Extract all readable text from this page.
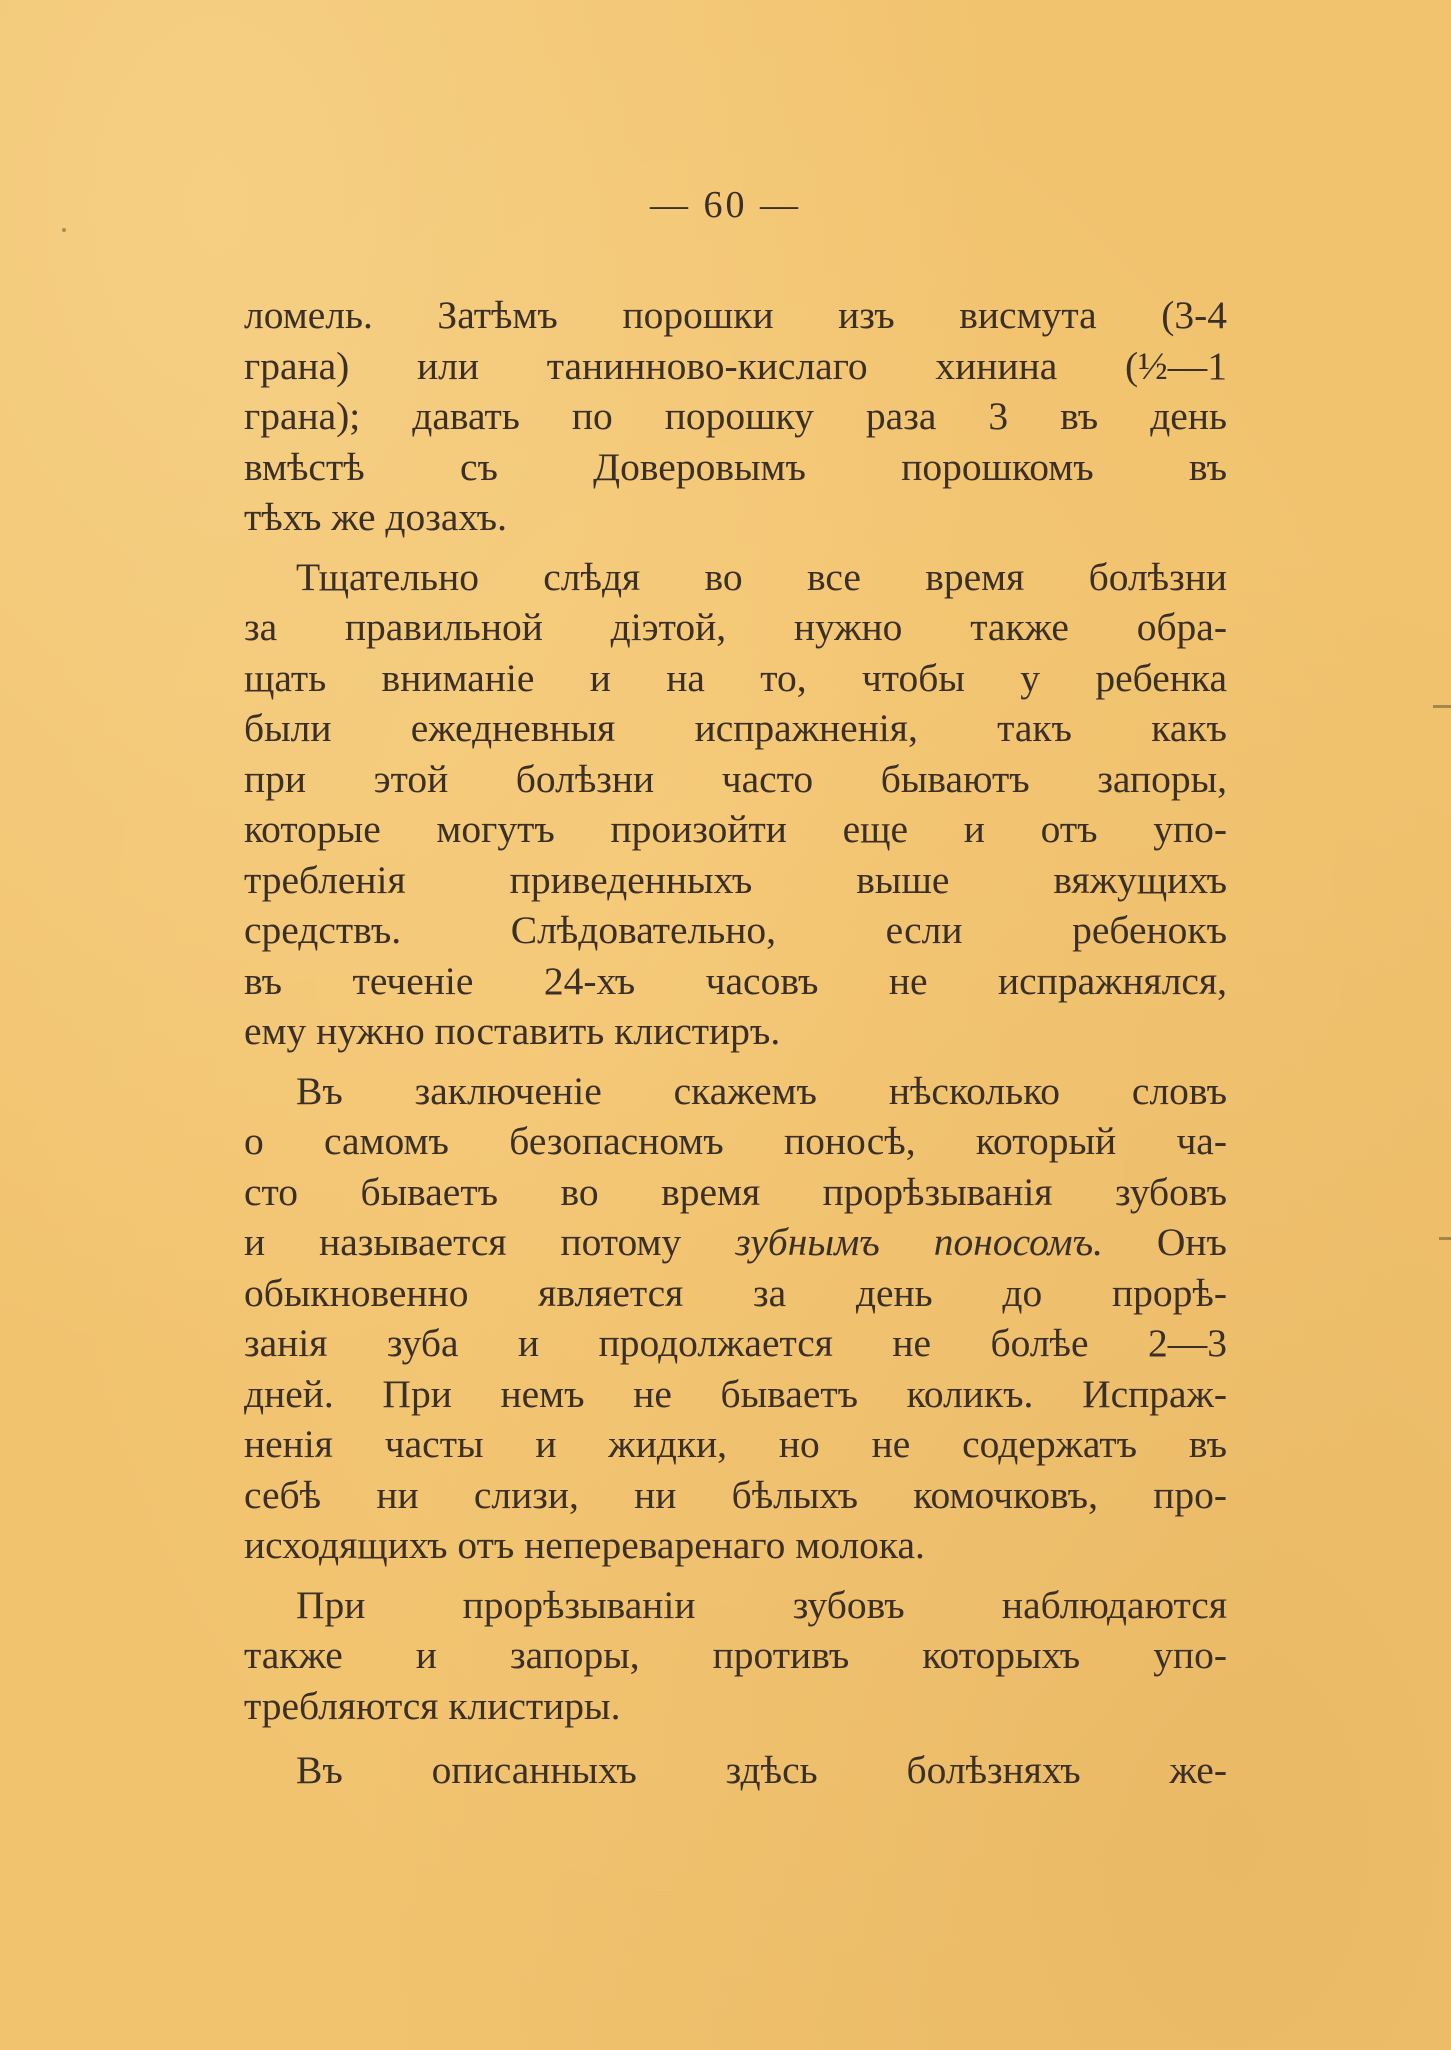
— 60 —
ломель. Затѣмъ порошки изъ висмута (3-4
грана) или танинново-кислаго хинина (½—1
грана); давать по порошку раза 3 въ день
вмѣстѣ съ Доверовымъ порошкомъ въ
тѣхъ же дозахъ.
Тщательно слѣдя во все время болѣзни
за правильной діэтой, нужно также обра-
щать вниманіе и на то, чтобы у ребенка
были ежедневныя испражненія, такъ какъ
при этой болѣзни часто бываютъ запоры,
которые могутъ произойти еще и отъ упо-
требленія приведенныхъ выше вяжущихъ
средствъ. Слѣдовательно, если ребенокъ
въ теченіе 24-хъ часовъ не испражнялся,
ему нужно поставить клистиръ.
Въ заключеніе скажемъ нѣсколько словъ
о самомъ безопасномъ поносѣ, который ча-
сто бываетъ во время прорѣзыванія зубовъ
и называется потому зубнымъ поносомъ. Онъ
обыкновенно является за день до прорѣ-
занія зуба и продолжается не болѣе 2—3
дней. При немъ не бываетъ коликъ. Испраж-
ненія часты и жидки, но не содержатъ въ
себѣ ни слизи, ни бѣлыхъ комочковъ, про-
исходящихъ отъ непереваренаго молока.
При прорѣзываніи зубовъ наблюдаются
также и запоры, противъ которыхъ упо-
требляются клистиры.
Въ описанныхъ здѣсь болѣзняхъ же-
